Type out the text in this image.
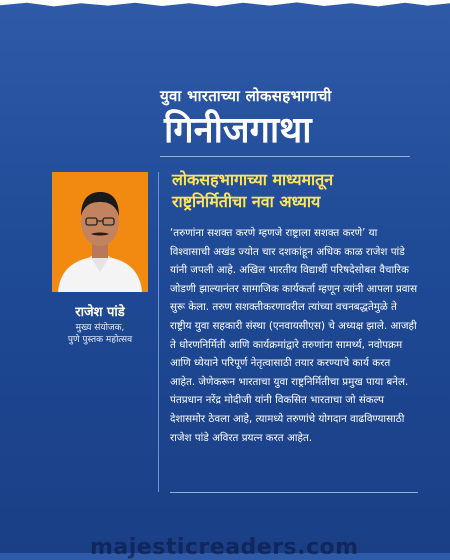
युवा भारताच्या लोकसहभागाची
गिनीजगाथा
राजेश पांडे
मुख्य संयोजक,
पुणे पुस्तक महोत्सव
लोकसहभागाच्या माध्यमातून
राष्ट्रनिर्मितीचा नवा अध्याय
‘तरुणांना सशक्त करणे म्हणजे राष्ट्राला सशक्त करणे’ या विश्वासाची अखंड ज्योत चार दशकांहून अधिक काळ राजेश पांडे यांनी जपली आहे. अखिल भारतीय विद्यार्थी परिषदेसोबत वैचारिक जोडणी झाल्यानंतर सामाजिक कार्यकर्ता म्हणून त्यांनी आपला प्रवास सुरू केला. तरुण सशक्तीकरणावरील त्यांच्या वचनबद्धतेमुळे ते राष्ट्रीय युवा सहकारी संस्था (एनवायसीएस) चे अध्यक्ष झाले. आजही ते धोरणनिर्मिती आणि कार्यक्रमांद्वारे तरुणांना सामर्थ्य, नवोपक्रम आणि ध्येयाने परिपूर्ण नेतृत्वासाठी तयार करण्याचे कार्य करत आहेत. जेणेकरून भारताचा युवा राष्ट्रनिर्मितीचा प्रमुख पाया बनेल. पंतप्रधान नरेंद्र मोदीजी यांनी विकसित भारताचा जो संकल्प देशासमोर ठेवला आहे, त्यामध्ये तरुणांचे योगदान वाढविण्यासाठी राजेश पांडे अविरत प्रयत्न करत आहेत.
majesticreaders.com
